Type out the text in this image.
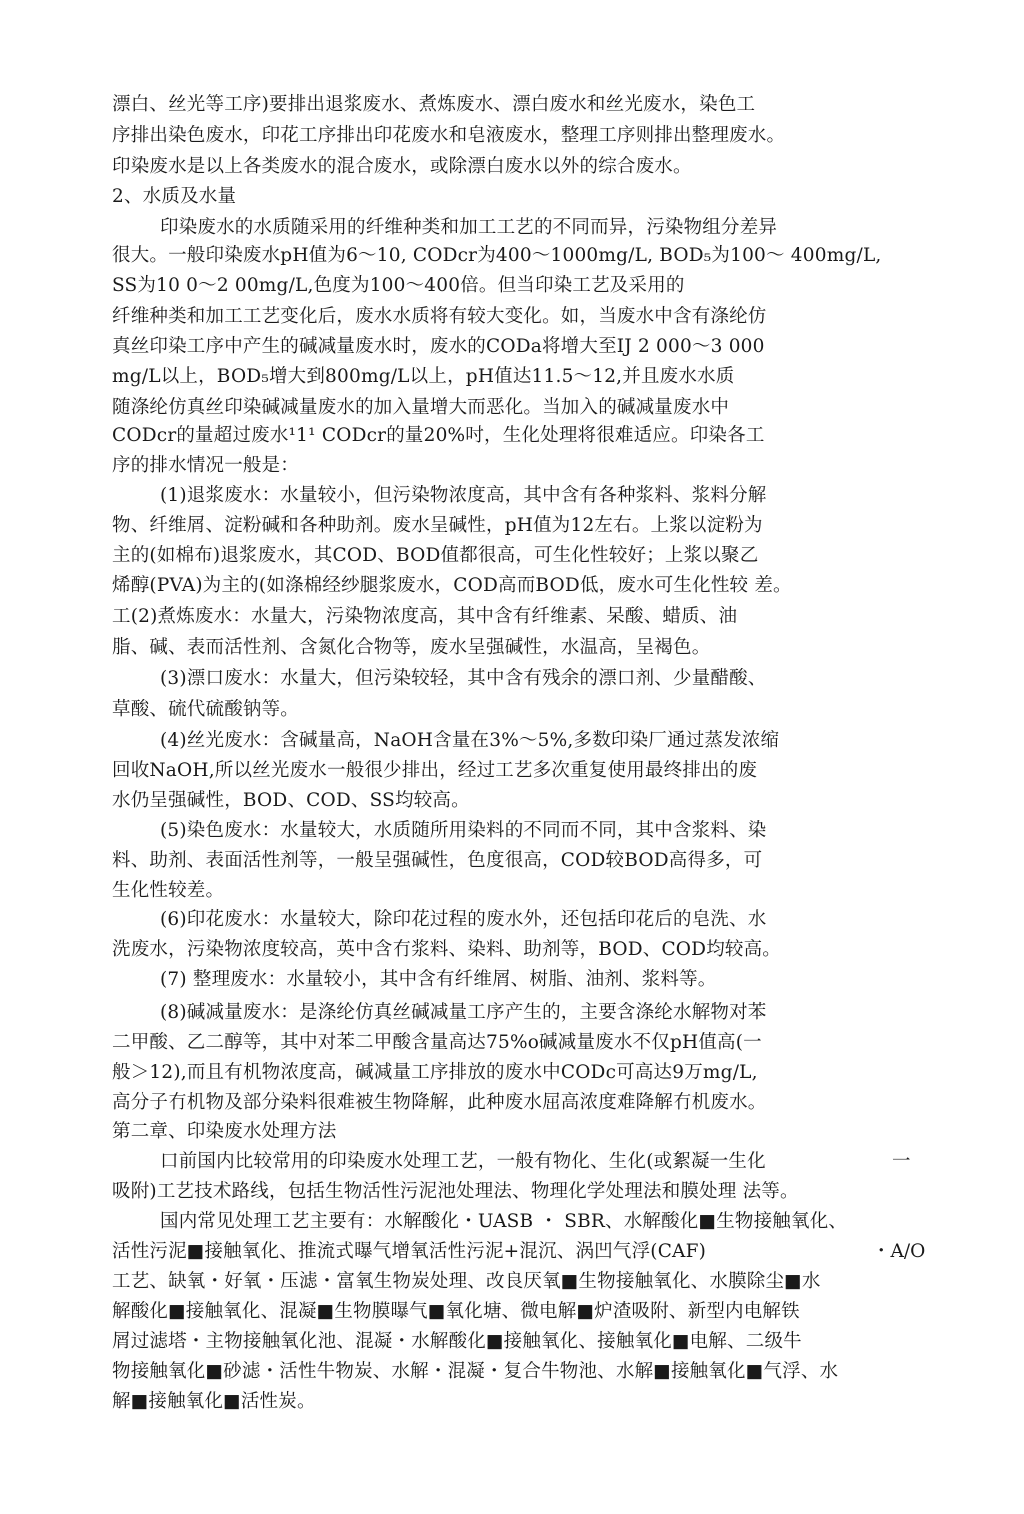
漂白、丝光等工序)要排出退浆废水、煮炼废水、漂白废水和丝光废水，染色工
序排出染色废水，印花工序排出印花废水和皂液废水，整理工序则排出整理废水。
印染废水是以上各类废水的混合废水，或除漂白废水以外的综合废水。
2、水质及水量
印染废水的水质随采用的纤维种类和加工工艺的不同而异，污染物组分差异
很大。一般印染废水pH值为6～10, CODcr为400～1000mg/L, BOD₅为100～ 400mg/L,
SS为10 0～2 00mg/L,色度为100～400倍。但当印染工艺及采用的
纤维种类和加工工艺变化后，废水水质将有较大变化。如，当废水中含有涤纶仿
真丝印染工序中产生的碱减量废水时，废水的CODa将增大至IJ 2 000～3 000
mg/L以上，BOD₅增大到800mg/L以上，pH值达11.5～12,并且废水水质
随涤纶仿真丝印染碱减量废水的加入量增大而恶化。当加入的碱减量废水中
CODcr的量超过废水¹1¹ CODcr的量20%吋，生化处理将很难适应。印染各工
序的排水情况一般是：
(1)退浆废水：水量较小，但污染物浓度高，其中含有各种浆料、浆料分解
物、纤维屑、淀粉碱和各种助剂。废水呈碱性，pH值为12左右。上浆以淀粉为
主的(如棉布)退浆废水，其COD、BOD值都很高，可生化性较好；上浆以聚乙
烯醇(PVA)为主的(如涤棉经纱腿浆废水，COD高而BOD低，废水可生化性较 差。
工(2)煮炼废水：水量大，污染物浓度高，其中含有纤维素、呆酸、蜡质、油
脂、碱、表而活性剂、含氮化合物等，废水呈强碱性，水温高，呈褐色。
(3)漂口废水：水量大，但污染较轻，其中含有残余的漂口剂、少量醋酸、
草酸、硫代硫酸钠等。
(4)丝光废水：含碱量高，NaOH含量在3%～5%,多数印染厂通过蒸发浓缩
回收NaOH,所以丝光废水一般很少排出，经过工艺多次重复使用最终排出的废
水仍呈强碱性，BOD、COD、SS均较高。
(5)染色废水：水量较大，水质随所用染料的不同而不同，其中含浆料、染
料、助剂、表面活性剂等，一般呈强碱性，色度很高，COD较BOD高得多，可
生化性较差。
(6)印花废水：水量较大，除印花过程的废水外，还包括印花后的皂洗、水
洗废水，污染物浓度较高，英中含冇浆料、染料、助剂等，BOD、COD均较高。
(7) 整理废水：水量较小，其中含有纤维屑、树脂、油剂、浆料等。
(8)碱减量废水：是涤纶仿真丝碱减量工序产生的，主要含涤纶水解物对苯
二甲酸、乙二醇等，其中对苯二甲酸含量高达75%o碱减量废水不仅pH值高(一
般＞12),而且有机物浓度高，碱减量工序排放的废水中CODc可高达9万mg/L,
高分子冇机物及部分染料很难被生物降解，此种废水屈高浓度难降解冇机废水。
第二章、印染废水处理方法
口前国内比较常用的印染废水处理工艺，一般有物化、生化(或絮凝一生化
吸附)工艺技术路线，包括生物活性污泥池处理法、物理化学处理法和膜处理 法等。
国内常见处理工艺主要有：水解酸化・UASB ・ SBR、水解酸化■生物接触氧化、
活性污泥■接触氧化、推流式曝气增氧活性污泥+混沉、涡凹气浮(CAF)
工艺、缺氧・好氧・压滤・富氧生物炭处理、改良厌氧■生物接触氧化、水膜除尘■水
解酸化■接触氧化、混凝■生物膜曝气■氧化塘、微电解■炉渣吸附、新型内电解铁
屑过滤塔・主物接触氧化池、混凝・水解酸化■接触氧化、接触氧化■电解、二级牛
物接触氧化■砂滤・活性牛物炭、水解・混凝・复合牛物池、水解■接触氧化■气浮、水
解■接触氧化■活性炭。
一
・A/O
